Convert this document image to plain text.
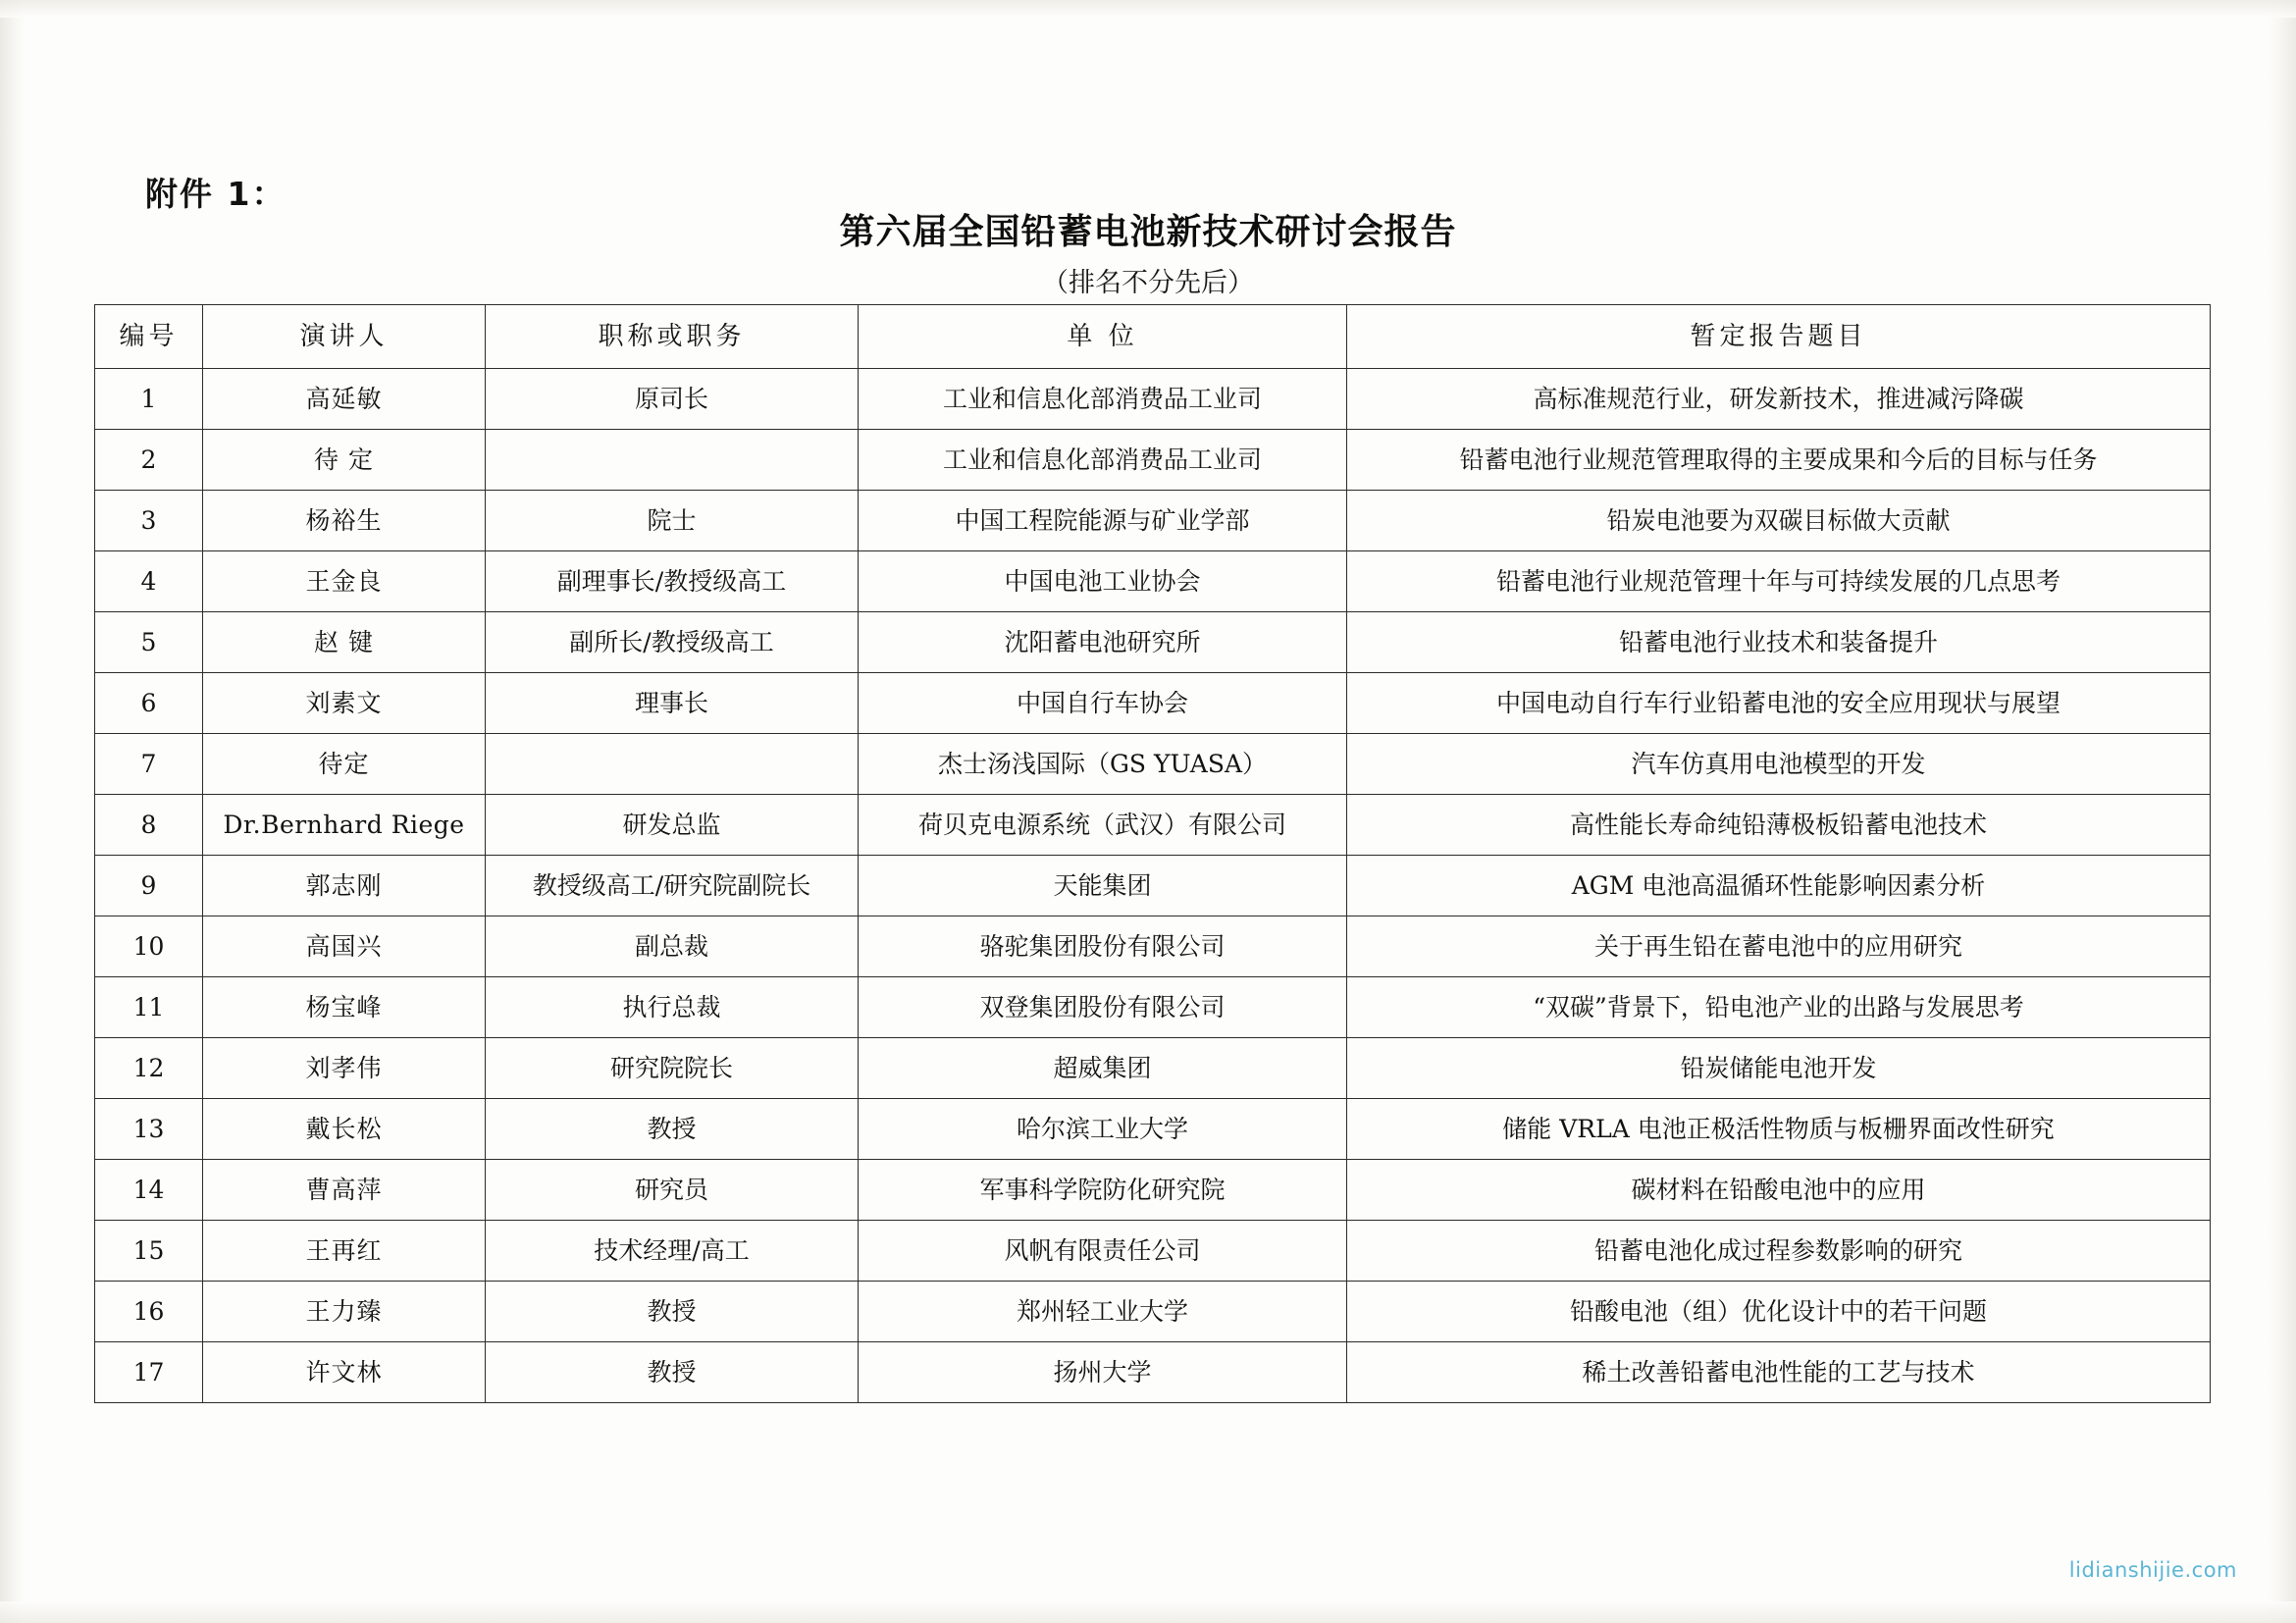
附件 1：
第六届全国铅蓄电池新技术研讨会报告
（排名不分先后）
编号	演讲人	职称或职务	单 位	暂定报告题目
1	高延敏	原司长	工业和信息化部消费品工业司	高标准规范行业，研发新技术，推进减污降碳
2	待 定		工业和信息化部消费品工业司	铅蓄电池行业规范管理取得的主要成果和今后的目标与任务
3	杨裕生	院士	中国工程院能源与矿业学部	铅炭电池要为双碳目标做大贡献
4	王金良	副理事长/教授级高工	中国电池工业协会	铅蓄电池行业规范管理十年与可持续发展的几点思考
5	赵 键	副所长/教授级高工	沈阳蓄电池研究所	铅蓄电池行业技术和装备提升
6	刘素文	理事长	中国自行车协会	中国电动自行车行业铅蓄电池的安全应用现状与展望
7	待定		杰士汤浅国际（GS YUASA）	汽车仿真用电池模型的开发
8	Dr.Bernhard Riege	研发总监	荷贝克电源系统（武汉）有限公司	高性能长寿命纯铅薄极板铅蓄电池技术
9	郭志刚	教授级高工/研究院副院长	天能集团	AGM 电池高温循环性能影响因素分析
10	高国兴	副总裁	骆驼集团股份有限公司	关于再生铅在蓄电池中的应用研究
11	杨宝峰	执行总裁	双登集团股份有限公司	“双碳”背景下，铅电池产业的出路与发展思考
12	刘孝伟	研究院院长	超威集团	铅炭储能电池开发
13	戴长松	教授	哈尔滨工业大学	储能 VRLA 电池正极活性物质与板栅界面改性研究
14	曹高萍	研究员	军事科学院防化研究院	碳材料在铅酸电池中的应用
15	王再红	技术经理/高工	风帆有限责任公司	铅蓄电池化成过程参数影响的研究
16	王力臻	教授	郑州轻工业大学	铅酸电池（组）优化设计中的若干问题
17	许文林	教授	扬州大学	稀土改善铅蓄电池性能的工艺与技术
lidianshijie.com
